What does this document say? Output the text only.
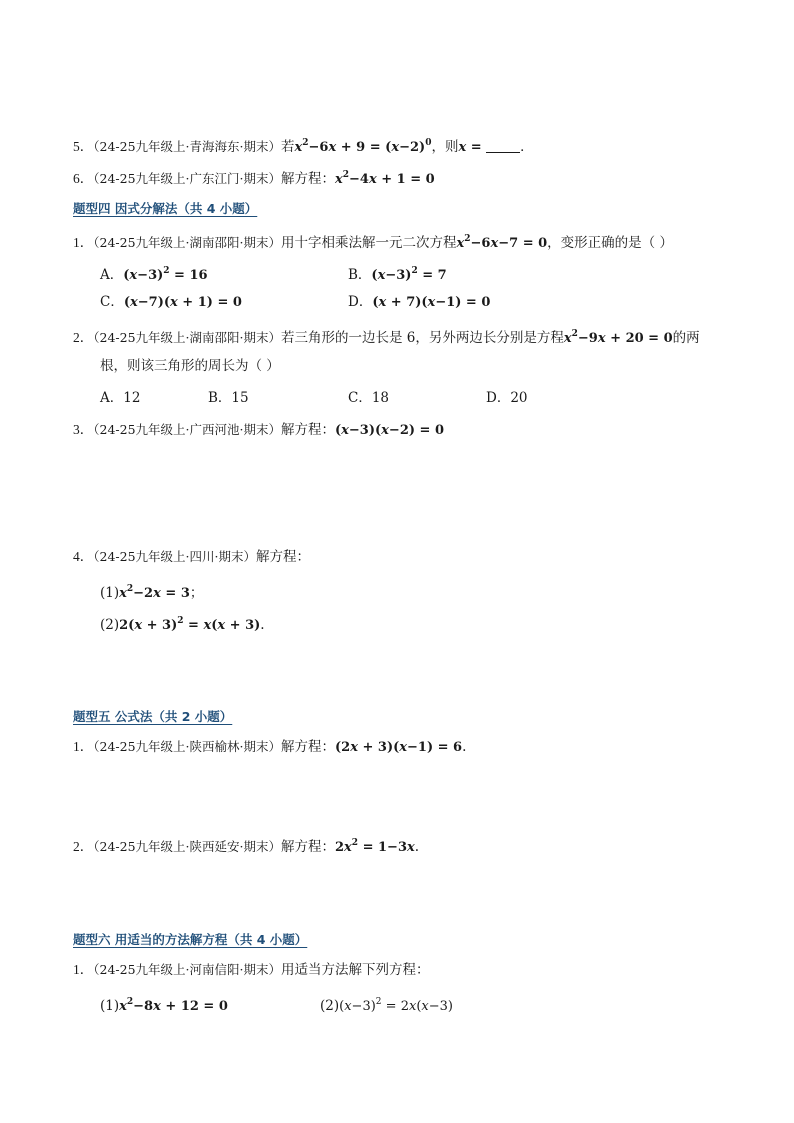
5．（24-25九年级上·青海海东·期末）若$x^2-6x + 9 = (x-2)^0$，则x =	．
6．（24-25九年级上·广东江门·期末）解方程：$x^2-4x + 1 = 0$
题型四 因式分解法（共 4 小题）
1．（24-25九年级上·湖南邵阳·期末）用十字相乘法解一元二次方程$x^2-6x-7 = 0$，变形正确的是（ ）
A．$(x-3)^2 = 16$	B．$(x-3)^2 = 7$
C．(x−7)(x + 1) = 0	D．(x + 7)(x−1) = 0
2．（24-25九年级上·湖南邵阳·期末）若三角形的一边长是 6，另外两边长分别是方程$x^2-9x + 20 = 0$的两
根，则该三角形的周长为（ ）
A．12	B．15	C．18	D．20
3．（24-25九年级上·广西河池·期末）解方程：(x−3)(x−2) = 0
4．（24-25九年级上·四川·期末）解方程：
$(1)x^2-2x = 3$；
$(2)2(x + 3)^2 = x(x + 3)$.
题型五 公式法（共 2 小题）
1．（24-25九年级上·陕西榆林·期末）解方程：(2x + 3)(x−1) = 6.
2．（24-25九年级上·陕西延安·期末）解方程：$2x^2 = 1-3x$.
题型六 用适当的方法解方程（共 4 小题）
1．（24-25九年级上·河南信阳·期末）用适当方法解下列方程：
$(1)x^2-8x + 12 = 0$	$(2)(x-3)^2 = 2x(x-3)$
